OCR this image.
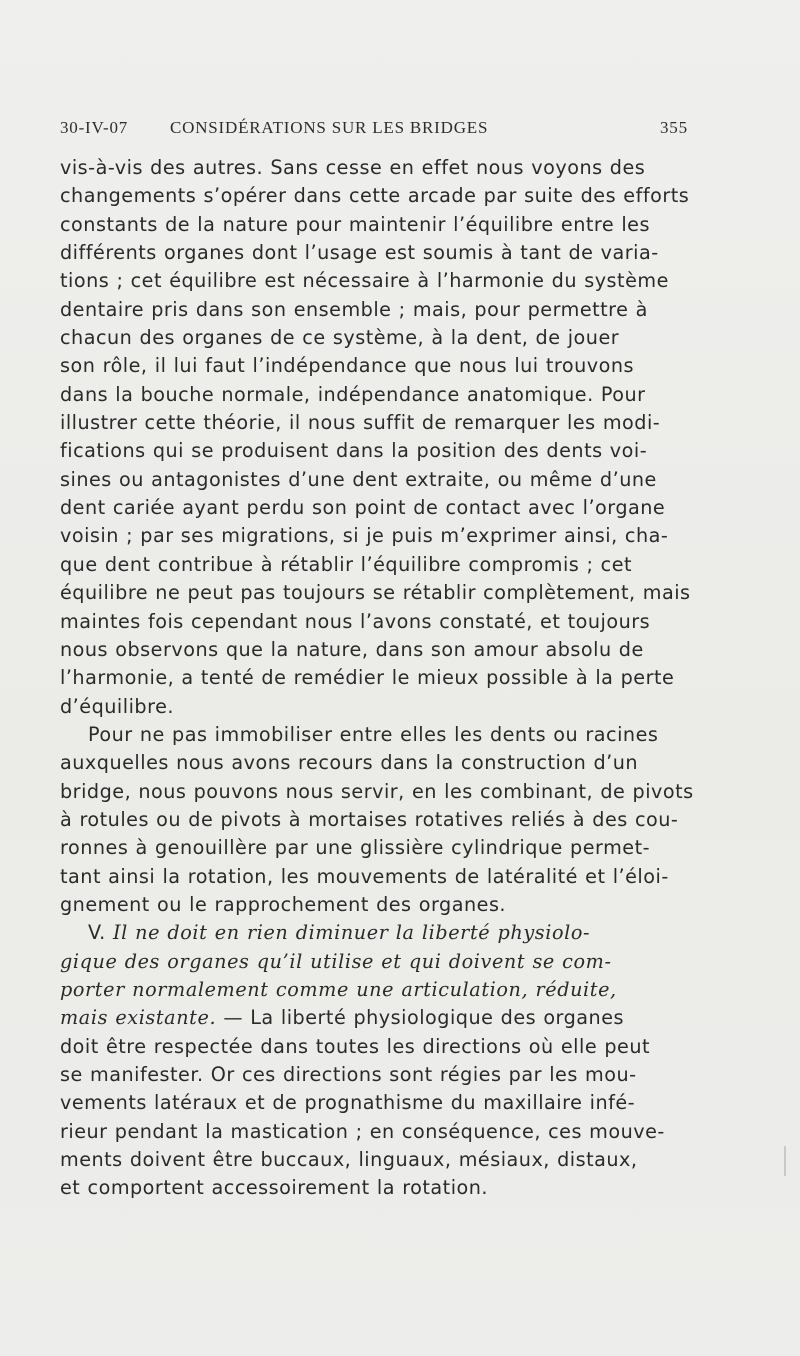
30-IV-07 CONSIDÉRATIONS SUR LES BRIDGES	355
vis-à-vis des autres. Sans cesse en effet nous voyons des
changements s’opérer dans cette arcade par suite des efforts
constants de la nature pour maintenir l’équilibre entre les
différents organes dont l’usage est soumis à tant de varia-
tions ; cet équilibre est nécessaire à l’harmonie du système
dentaire pris dans son ensemble ; mais, pour permettre à
chacun des organes de ce système, à la dent, de jouer
son rôle, il lui faut l’indépendance que nous lui trouvons
dans la bouche normale, indépendance anatomique. Pour
illustrer cette théorie, il nous suffit de remarquer les modi-
fications qui se produisent dans la position des dents voi-
sines ou antagonistes d’une dent extraite, ou même d’une
dent cariée ayant perdu son point de contact avec l’organe
voisin ; par ses migrations, si je puis m’exprimer ainsi, cha-
que dent contribue à rétablir l’équilibre compromis ; cet
équilibre ne peut pas toujours se rétablir complètement, mais
maintes fois cependant nous l’avons constaté, et toujours
nous observons que la nature, dans son amour absolu de
l’harmonie, a tenté de remédier le mieux possible à la perte
d’équilibre.
Pour ne pas immobiliser entre elles les dents ou racines
auxquelles nous avons recours dans la construction d’un
bridge, nous pouvons nous servir, en les combinant, de pivots
à rotules ou de pivots à mortaises rotatives reliés à des cou-
ronnes à genouillère par une glissière cylindrique permet-
tant ainsi la rotation, les mouvements de latéralité et l’éloi-
gnement ou le rapprochement des organes.
V. Il ne doit en rien diminuer la liberté physiolo-
gique des organes qu’il utilise et qui doivent se com-
porter normalement comme une articulation, réduite,
mais existante. — La liberté physiologique des organes
doit être respectée dans toutes les directions où elle peut
se manifester. Or ces directions sont régies par les mou-
vements latéraux et de prognathisme du maxillaire infé-
rieur pendant la mastication ; en conséquence, ces mouve-
ments doivent être buccaux, linguaux, mésiaux, distaux,
et comportent accessoirement la rotation.
